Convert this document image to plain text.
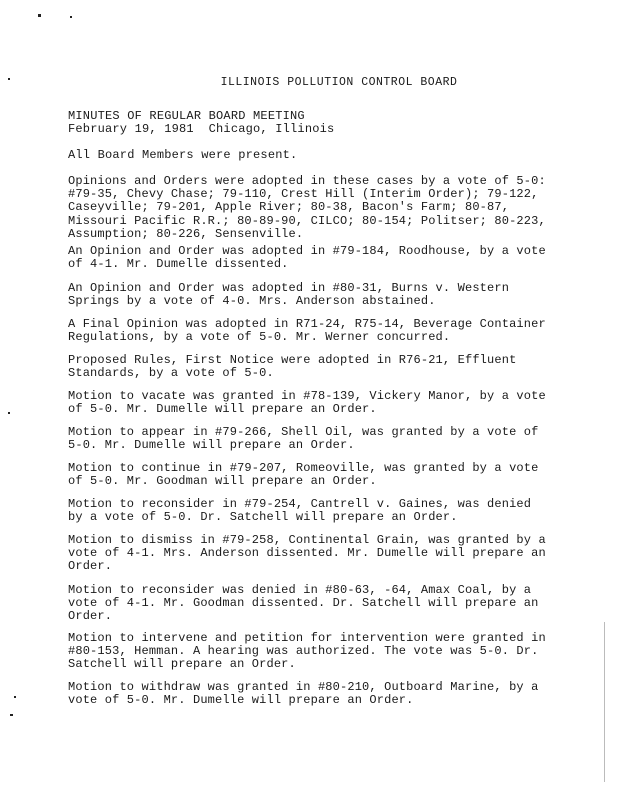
ILLINOIS POLLUTION CONTROL BOARD
MINUTES OF REGULAR BOARD MEETING
February 19, 1981  Chicago, Illinois
All Board Members were present.
Opinions and Orders were adopted in these cases by a vote of 5-0: #79-35, Chevy Chase; 79-110, Crest Hill (Interim Order); 79-122, Caseyville; 79-201, Apple River; 80-38, Bacon's Farm; 80-87, Missouri Pacific R.R.; 80-89-90, CILCO; 80-154; Politser; 80-223, Assumption; 80-226, Sensenville.
An Opinion and Order was adopted in #79-184, Roodhouse, by a vote of 4-1. Mr. Dumelle dissented.
An Opinion and Order was adopted in #80-31, Burns v. Western Springs by a vote of 4-0. Mrs. Anderson abstained.
A Final Opinion was adopted in R71-24, R75-14, Beverage Container Regulations, by a vote of 5-0. Mr. Werner concurred.
Proposed Rules, First Notice were adopted in R76-21, Effluent Standards, by a vote of 5-0.
Motion to vacate was granted in #78-139, Vickery Manor, by a vote of 5-0. Mr. Dumelle will prepare an Order.
Motion to appear in #79-266, Shell Oil, was granted by a vote of 5-0. Mr. Dumelle will prepare an Order.
Motion to continue in #79-207, Romeoville, was granted by a vote of 5-0. Mr. Goodman will prepare an Order.
Motion to reconsider in #79-254, Cantrell v. Gaines, was denied by a vote of 5-0. Dr. Satchell will prepare an Order.
Motion to dismiss in #79-258, Continental Grain, was granted by a vote of 4-1. Mrs. Anderson dissented. Mr. Dumelle will prepare an Order.
Motion to reconsider was denied in #80-63, -64, Amax Coal, by a vote of 4-1. Mr. Goodman dissented. Dr. Satchell will prepare an Order.
Motion to intervene and petition for intervention were granted in #80-153, Hemman. A hearing was authorized. The vote was 5-0. Dr. Satchell will prepare an Order.
Motion to withdraw was granted in #80-210, Outboard Marine, by a vote of 5-0. Mr. Dumelle will prepare an Order.
